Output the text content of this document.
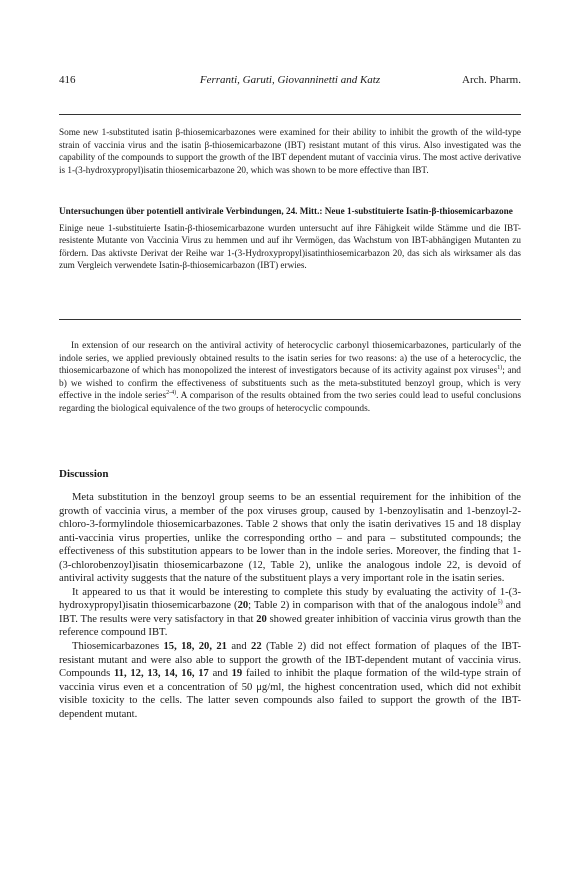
416	Ferranti, Garuti, Giovanninetti and Katz	Arch. Pharm.

Some new 1-substituted isatin β-thiosemicarbazones were examined for their ability to inhibit the growth of the wild-type strain of vaccinia virus and the isatin β-thiosemicarbazone (IBT) resistant mutant of this virus. Also investigated was the capability of the compounds to support the growth of the IBT dependent mutant of vaccinia virus. The most active derivative is 1-(3-hydroxypropyl)isatin thiosemicarbazone 20, which was shown to be more effective than IBT.

Untersuchungen über potentiell antivirale Verbindungen, 24. Mitt.: Neue 1-substituierte Isatin-β-thiosemicarbazone

Einige neue 1-substituierte Isatin-β-thiosemicarbazone wurden untersucht auf ihre Fähigkeit wilde Stämme und die IBT-resistente Mutante von Vaccinia Virus zu hemmen und auf ihr Vermögen, das Wachstum von IBT-abhängigen Mutanten zu fördern. Das aktivste Derivat der Reihe war 1-(3-Hydroxypropyl)isatinthiosemicarbazon 20, das sich als wirksamer als das zum Vergleich verwendete Isatin-β-thiosemicarbazon (IBT) erwies.

In extension of our research on the antiviral activity of heterocyclic carbonyl thiosemicarbazones, particularly of the indole series, we applied previously obtained results to the isatin series for two reasons: a) the use of a heterocyclic, the thiosemicarbazone of which has monopolized the interest of investigators because of its activity against pox viruses$^{1)}$; and b) we wished to confirm the effectiveness of substituents such as the meta-substituted benzoyl group, which is very effective in the indole series$^{2-4)}$. A comparison of the results obtained from the two series could lead to useful conclusions regarding the biological equivalence of the two groups of heterocyclic compounds.

Discussion

Meta substitution in the benzoyl group seems to be an essential requirement for the inhibition of the growth of vaccinia virus, a member of the pox viruses group, caused by 1-benzoylisatin and 1-benzoyl-2-chloro-3-formylindole thiosemicarbazones. Table 2 shows that only the isatin derivatives 15 and 18 display anti-vaccinia virus properties, unlike the corresponding ortho – and para – substituted compounds; the effectiveness of this substitution appears to be lower than in the indole series. Moreover, the finding that 1-(3-chlorobenzoyl)isatin thiosemicarbazone (12, Table 2), unlike the analogous indole 22, is devoid of antiviral activity suggests that the nature of the substituent plays a very important role in the isatin series.

It appeared to us that it would be interesting to complete this study by evaluating the activity of 1-(3-hydroxypropyl)isatin thiosemicarbazone (20; Table 2) in comparison with that of the analogous indole$^{5)}$ and IBT. The results were very satisfactory in that 20 showed greater inhibition of vaccinia virus growth than the reference compound IBT.

Thiosemicarbazones 15, 18, 20, 21 and 22 (Table 2) did not effect formation of plaques of the IBT-resistant mutant and were also able to support the growth of the IBT-dependent mutant of vaccinia virus. Compounds 11, 12, 13, 14, 16, 17 and 19 failed to inhibit the plaque formation of the wild-type strain of vaccinia virus even et a concentration of 50 μg/ml, the highest concentration used, which did not exhibit visible toxicity to the cells. The latter seven compounds also failed to support the growth of the IBT-dependent mutant.
